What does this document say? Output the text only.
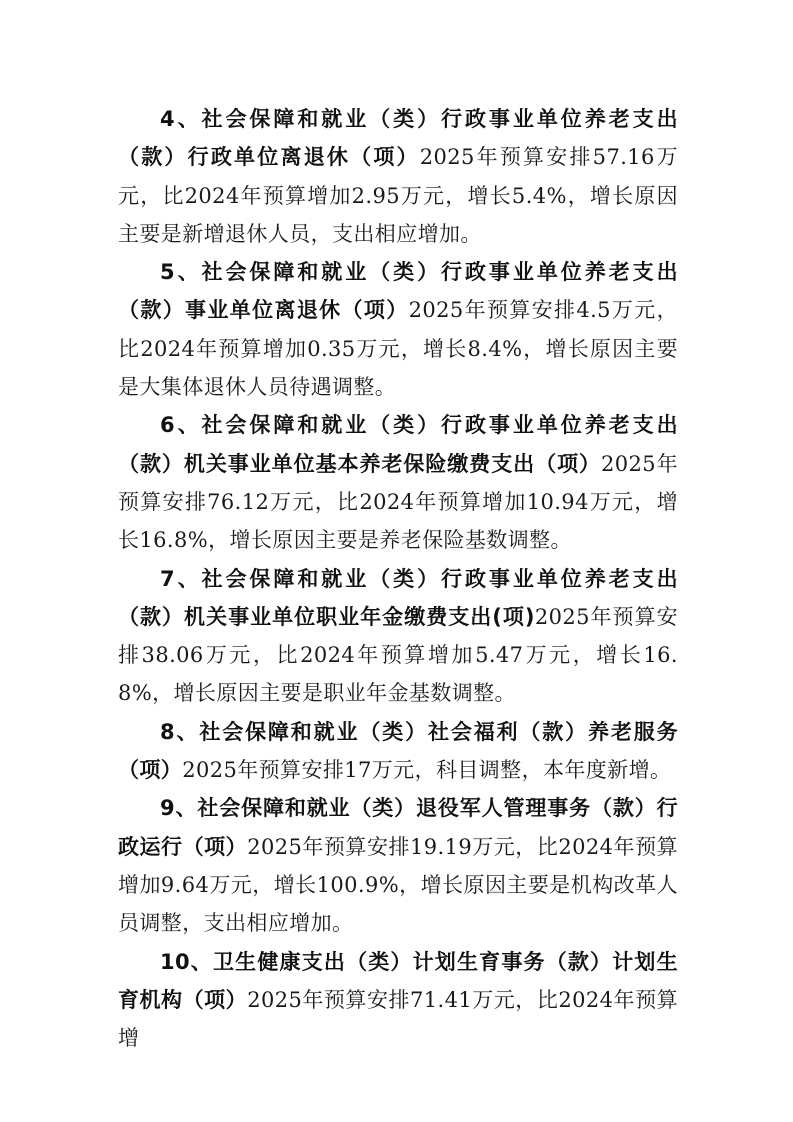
4、社会保障和就业（类）行政事业单位养老支出（款）行政单位离退休（项）2025年预算安排57.16万元，比2024年预算增加2.95万元，增长5.4%，增长原因主要是新增退休人员，支出相应增加。

5、社会保障和就业（类）行政事业单位养老支出（款）事业单位离退休（项）2025年预算安排4.5万元，比2024年预算增加0.35万元，增长8.4%，增长原因主要是大集体退休人员待遇调整。

6、社会保障和就业（类）行政事业单位养老支出（款）机关事业单位基本养老保险缴费支出（项）2025年预算安排76.12万元，比2024年预算增加10.94万元，增长16.8%，增长原因主要是养老保险基数调整。

7、社会保障和就业（类）行政事业单位养老支出（款）机关事业单位职业年金缴费支出(项)2025年预算安排38.06万元，比2024年预算增加5.47万元，增长16.8%，增长原因主要是职业年金基数调整。

8、社会保障和就业（类）社会福利（款）养老服务（项）2025年预算安排17万元，科目调整，本年度新增。

9、社会保障和就业（类）退役军人管理事务（款）行政运行（项）2025年预算安排19.19万元，比2024年预算增加9.64万元，增长100.9%，增长原因主要是机构改革人员调整，支出相应增加。

10、卫生健康支出（类）计划生育事务（款）计划生育机构（项）2025年预算安排71.41万元，比2024年预算增
